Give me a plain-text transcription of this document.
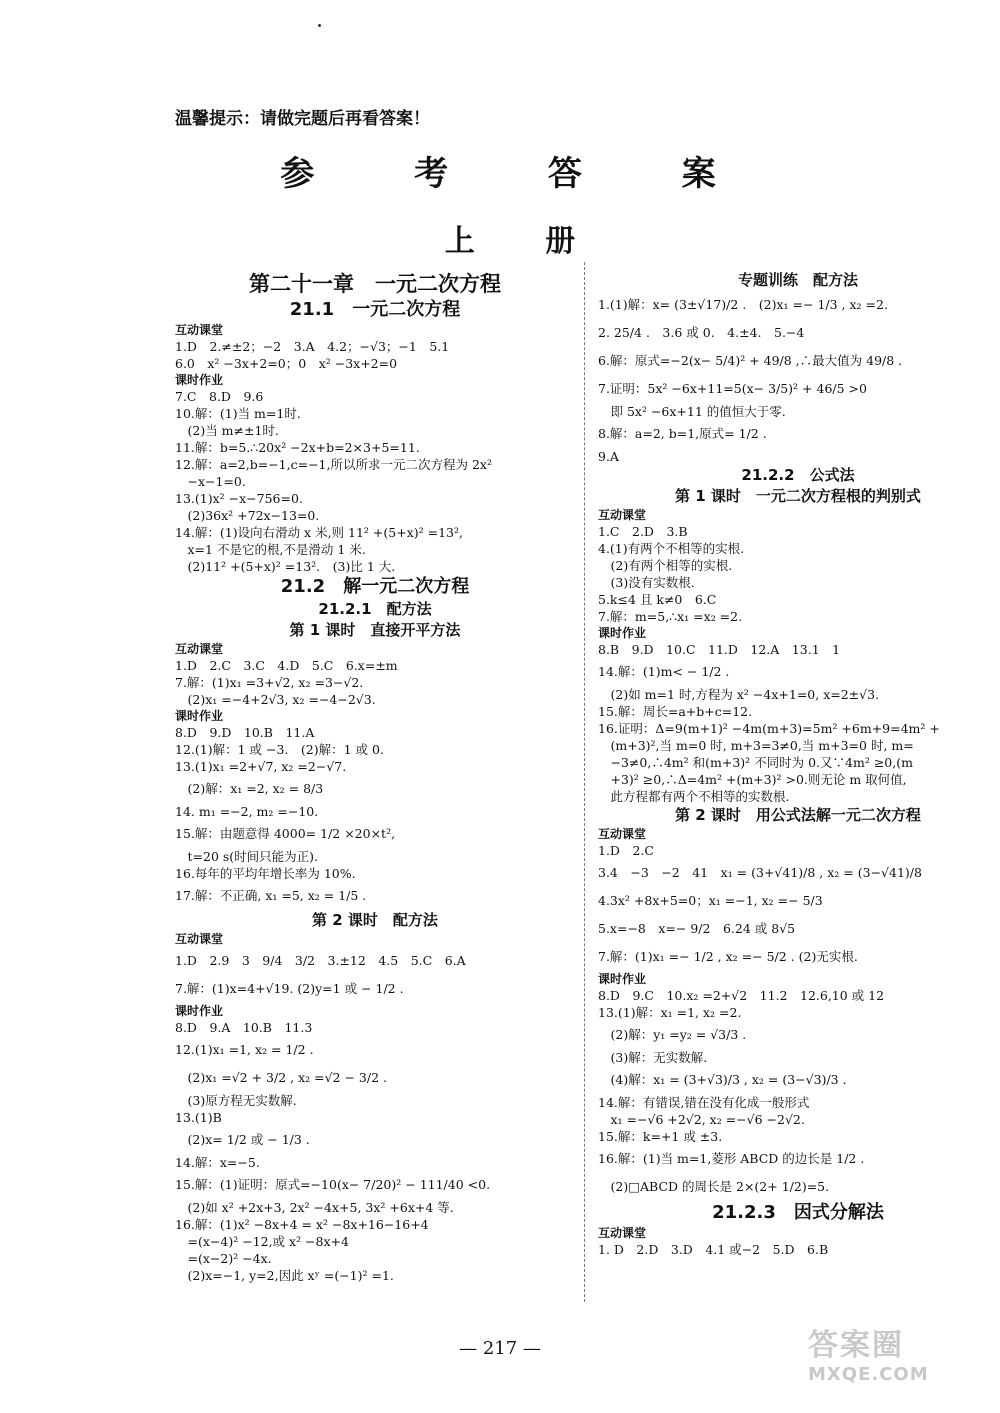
温馨提示：请做完题后再看答案！
参 考 答 案
上 册
第二十一章　一元二次方程
21.1　一元二次方程
互动课堂
1.D　2.≠±2；−2　3.A　4.2；−√3；−1　5.1
6.0　x² −3x+2=0；0　x² −3x+2=0
课时作业
7.C　8.D　9.6
10.解：(1)当 m=1时.
　(2)当 m≠±1时.
11.解：b=5.∴20x² −2x+b=2×3+5=11.
12.解：a=2,b=−1,c=−1,所以所求一元二次方程为 2x²
　−x−1=0.
13.(1)x² −x−756=0.
　(2)36x² +72x−13=0.
14.解：(1)设向右滑动 x 米,则 11² +(5+x)² =13²,
　x=1 不是它的根,不是滑动 1 米.
　(2)11² +(5+x)² =13².　(3)比 1 大.
21.2　解一元二次方程
21.2.1　配方法
第 1 课时　直接开平方法
互动课堂
1.D　2.C　3.C　4.D　5.C　6.x=±m
7.解：(1)x₁ =3+√2, x₂ =3−√2.
　(2)x₁ =−4+2√3, x₂ =−4−2√3.
课时作业
8.D　9.D　10.B　11.A
12.(1)解：1 或 −3.　(2)解：1 或 0.
13.(1)x₁ =2+√7, x₂ =2−√7.
　(2)解：x₁ =2, x₂ = 8/3
14. m₁ =−2, m₂ =−10.
15.解：由题意得 4000= 1/2 ×20×t²,
　t=20 s(时间只能为正).
16.每年的平均年增长率为 10%.
17.解：不正确, x₁ =5, x₂ = 1/5 .
第 2 课时　配方法
互动课堂
1.D　2.9　3　9/4　3/2　3.±12　4.5　5.C　6.A
7.解：(1)x=4+√19. (2)y=1 或 − 1/2 .
课时作业
8.D　9.A　10.B　11.3
12.(1)x₁ =1, x₂ = 1/2 .
　(2)x₁ =√2 + 3/2 , x₂ =√2 − 3/2 .
　(3)原方程无实数解.
13.(1)B
　(2)x= 1/2 或 − 1/3 .
14.解：x=−5.
15.解：(1)证明：原式=−10(x− 7/20)² − 111/40 <0.
　(2)如 x² +2x+3, 2x² −4x+5, 3x² +6x+4 等.
16.解：(1)x² −8x+4 = x² −8x+16−16+4
　=(x−4)² −12,或 x² −8x+4
　=(x−2)² −4x.
　(2)x=−1, y=2,因此 xʸ =(−1)² =1.
专题训练　配方法
1.(1)解：x= (3±√17)/2 .　(2)x₁ =− 1/3 , x₂ =2.
2. 25/4 .　3.6 或 0.　4.±4.　5.−4
6.解：原式=−2(x− 5/4)² + 49/8 ,∴最大值为 49/8 .
7.证明：5x² −6x+11=5(x− 3/5)² + 46/5 >0
　即 5x² −6x+11 的值恒大于零.
8.解：a=2, b=1,原式= 1/2 .
9.A
21.2.2　公式法
第 1 课时　一元二次方程根的判别式
互动课堂
1.C　2.D　3.B
4.(1)有两个不相等的实根.
　(2)有两个相等的实根.
　(3)没有实数根.
5.k≤4 且 k≠0　6.C
7.解：m=5,∴x₁ =x₂ =2.
课时作业
8.B　9.D　10.C　11.D　12.A　13.1　1
14.解：(1)m< − 1/2 .
　(2)如 m=1 时,方程为 x² −4x+1=0, x=2±√3.
15.解：周长=a+b+c=12.
16.证明：Δ=9(m+1)² −4m(m+3)=5m² +6m+9=4m² +
　(m+3)²,当 m=0 时, m+3=3≠0,当 m+3=0 时, m=
　−3≠0,∴4m² 和(m+3)² 不同时为 0.又∵4m² ≥0,(m
　+3)² ≥0,∴Δ=4m² +(m+3)² >0.则无论 m 取何值,
　此方程都有两个不相等的实数根.
第 2 课时　用公式法解一元二次方程
互动课堂
1.D　2.C
3.4　−3　−2　41　x₁ = (3+√41)/8 , x₂ = (3−√41)/8
4.3x² +8x+5=0；x₁ =−1, x₂ =− 5/3
5.x=−8　x=− 9/2　6.24 或 8√5
7.解：(1)x₁ =− 1/2 , x₂ =− 5/2 . (2)无实根.
课时作业
8.D　9.C　10.x₂ =2+√2　11.2　12.6,10 或 12
13.(1)解：x₁ =1, x₂ =2.
　(2)解：y₁ =y₂ = √3/3 .
　(3)解：无实数解.
　(4)解：x₁ = (3+√3)/3 , x₂ = (3−√3)/3 .
14.解：有错误,错在没有化成一般形式
　x₁ =−√6 +2√2, x₂ =−√6 −2√2.
15.解：k=+1 或 ±3.
16.解：(1)当 m=1,菱形 ABCD 的边长是 1/2 .
　(2)□ABCD 的周长是 2×(2+ 1/2)=5.
21.2.3　因式分解法
互动课堂
1. D　2.D　3.D　4.1 或−2　5.D　6.B
— 217 —	答案圈
MXQE.COM
